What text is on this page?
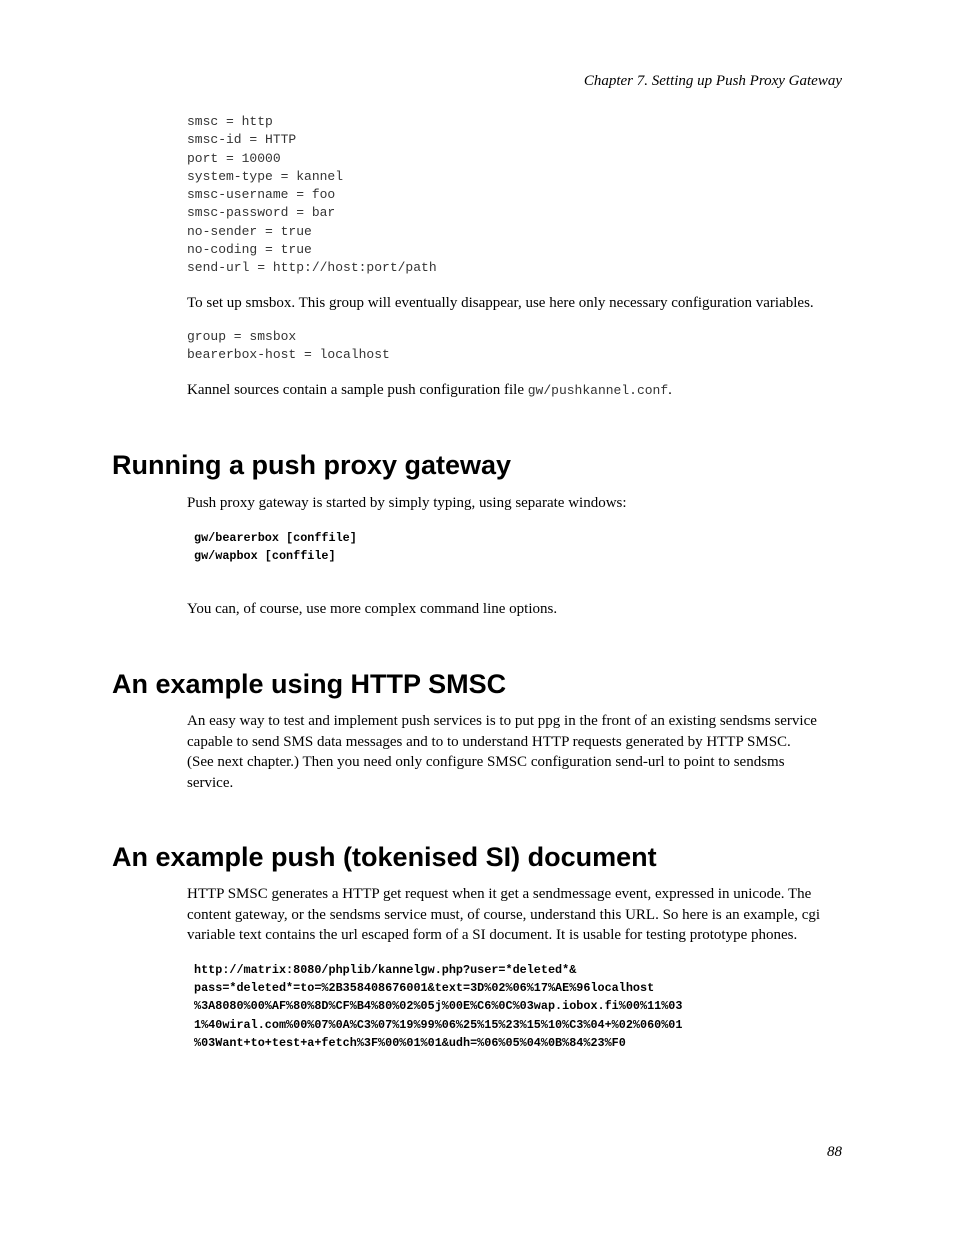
Chapter 7. Setting up Push Proxy Gateway
smsc = http
smsc-id = HTTP
port = 10000
system-type = kannel
smsc-username = foo
smsc-password = bar
no-sender = true
no-coding = true
send-url = http://host:port/path

To set up smsbox. This group will eventually disappear, use here only necessary configuration variables.

group = smsbox
bearerbox-host = localhost

Kannel sources contain a sample push configuration file gw/pushkannel.conf.

Running a push proxy gateway

Push proxy gateway is started by simply typing, using separate windows:

gw/bearerbox [conffile]
gw/wapbox [conffile]

You can, of course, use more complex command line options.

An example using HTTP SMSC

An easy way to test and implement push services is to put ppg in the front of an existing sendsms service
capable to send SMS data messages and to to understand HTTP requests generated by HTTP SMSC.
(See next chapter.) Then you need only configure SMSC configuration send-url to point to sendsms
service.

An example push (tokenised SI) document

HTTP SMSC generates a HTTP get request when it get a sendmessage event, expressed in unicode. The
content gateway, or the sendsms service must, of course, understand this URL. So here is an example, cgi
variable text contains the url escaped form of a SI document. It is usable for testing prototype phones.

http://matrix:8080/phplib/kannelgw.php?user=*deleted*&
pass=*deleted*=to=%2B358408676001&text=3D%02%06%17%AE%96localhost
%3A8080%00%AF%80%8D%CF%B4%80%02%05j%00E%C6%0C%03wap.iobox.fi%00%11%03
1%40wiral.com%00%07%0A%C3%07%19%99%06%25%15%23%15%10%C3%04+%02%060%01
%03Want+to+test+a+fetch%3F%00%01%01&udh=%06%05%04%0B%84%23%F0
88
